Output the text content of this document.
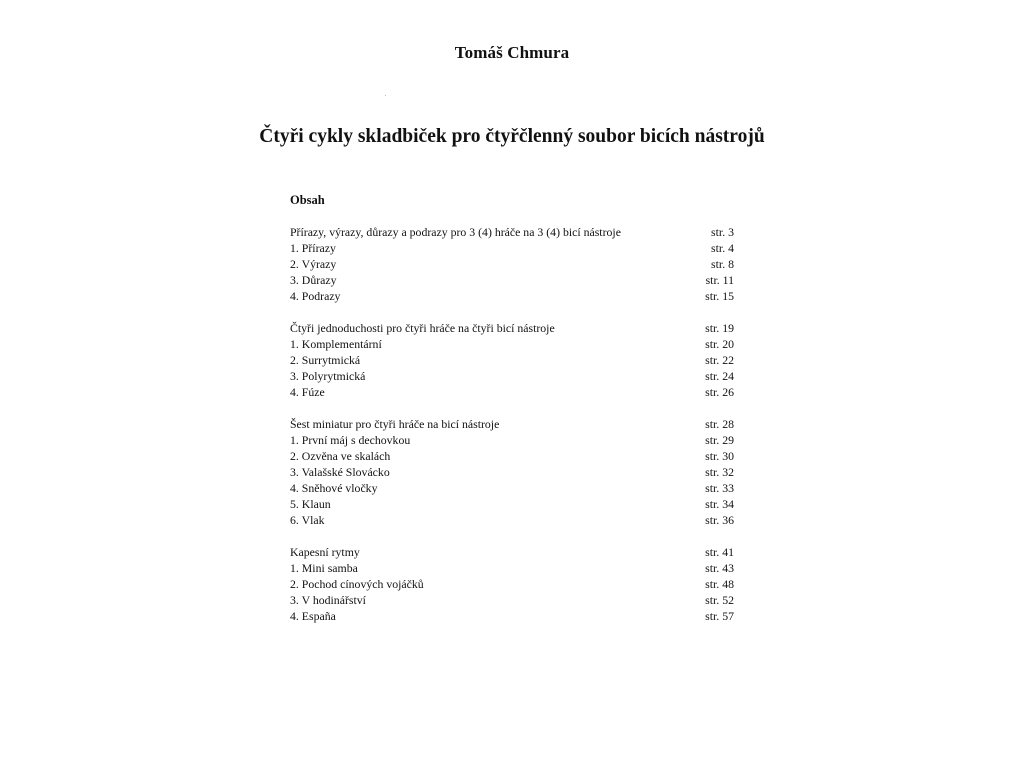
Tomáš Chmura
Čtyři cykly skladbiček pro čtyřčlenný soubor bicích nástrojů
Obsah
Přírazy, výrazy, důrazy a podrazy pro 3 (4) hráče na 3 (4) bicí nástroje	str. 3
1. Přírazy	str. 4
2. Výrazy	str. 8
3. Důrazy	str. 11
4. Podrazy	str. 15
Čtyři jednoduchosti pro čtyři hráče na čtyři bicí nástroje	str. 19
1. Komplementární	str. 20
2. Surrytmická	str. 22
3. Polyrytmická	str. 24
4. Fúze	str. 26
Šest miniatur pro čtyři hráče na bicí nástroje	str. 28
1. První máj s dechovkou	str. 29
2. Ozvěna ve skalách	str. 30
3. Valašské Slovácko	str. 32
4. Sněhové vločky	str. 33
5. Klaun	str. 34
6. Vlak	str. 36
Kapesní rytmy	str. 41
1. Mini samba	str. 43
2. Pochod cínových vojáčků	str. 48
3. V hodinářství	str. 52
4. España	str. 57
